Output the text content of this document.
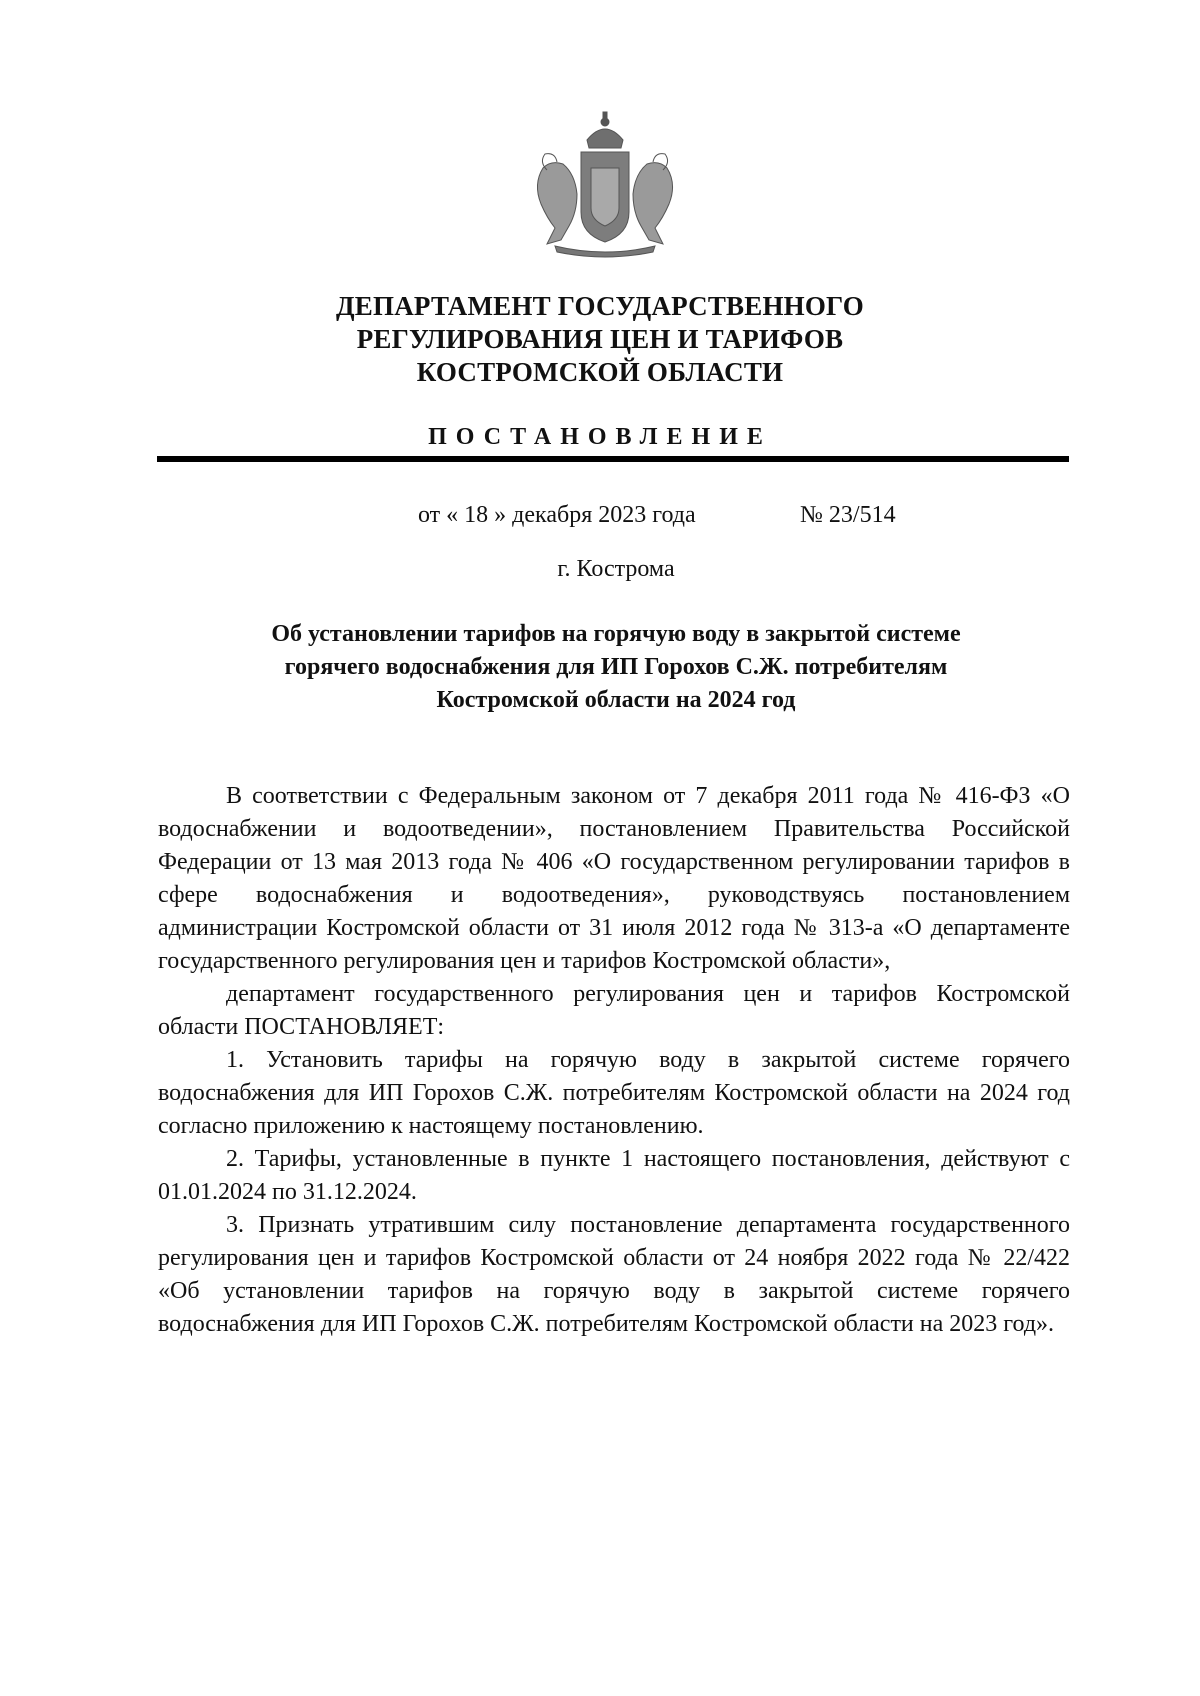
ДЕПАРТАМЕНТ ГОСУДАРСТВЕННОГО
РЕГУЛИРОВАНИЯ ЦЕН И ТАРИФОВ
КОСТРОМСКОЙ ОБЛАСТИ
ПОСТАНОВЛЕНИЕ
от « 18 » декабря 2023 года	№ 23/514
г. Кострома
Об установлении тарифов на горячую воду в закрытой системе
горячего водоснабжения для ИП Горохов С.Ж. потребителям
Костромской области на 2024 год

В соответствии с Федеральным законом от 7 декабря 2011 года № 416-ФЗ «О водоснабжении и водоотведении», постановлением Правительства Российской Федерации от 13 мая 2013 года № 406 «О государственном регулировании тарифов в сфере водоснабжения и водоотведения», руководствуясь постановлением администрации Костромской области от 31 июля 2012 года № 313-а «О департаменте государственного регулирования цен и тарифов Костромской области»,

департамент государственного регулирования цен и тарифов Костромской области ПОСТАНОВЛЯЕТ:

1. Установить тарифы на горячую воду в закрытой системе горячего водоснабжения для ИП Горохов С.Ж. потребителям Костромской области на 2024 год согласно приложению к настоящему постановлению.

2. Тарифы, установленные в пункте 1 настоящего постановления, действуют с 01.01.2024 по 31.12.2024.

3. Признать утратившим силу постановление департамента государственного регулирования цен и тарифов Костромской области от 24 ноября 2022 года № 22/422 «Об установлении тарифов на горячую воду в закрытой системе горячего водоснабжения для ИП Горохов С.Ж. потребителям Костромской области на 2023 год».
